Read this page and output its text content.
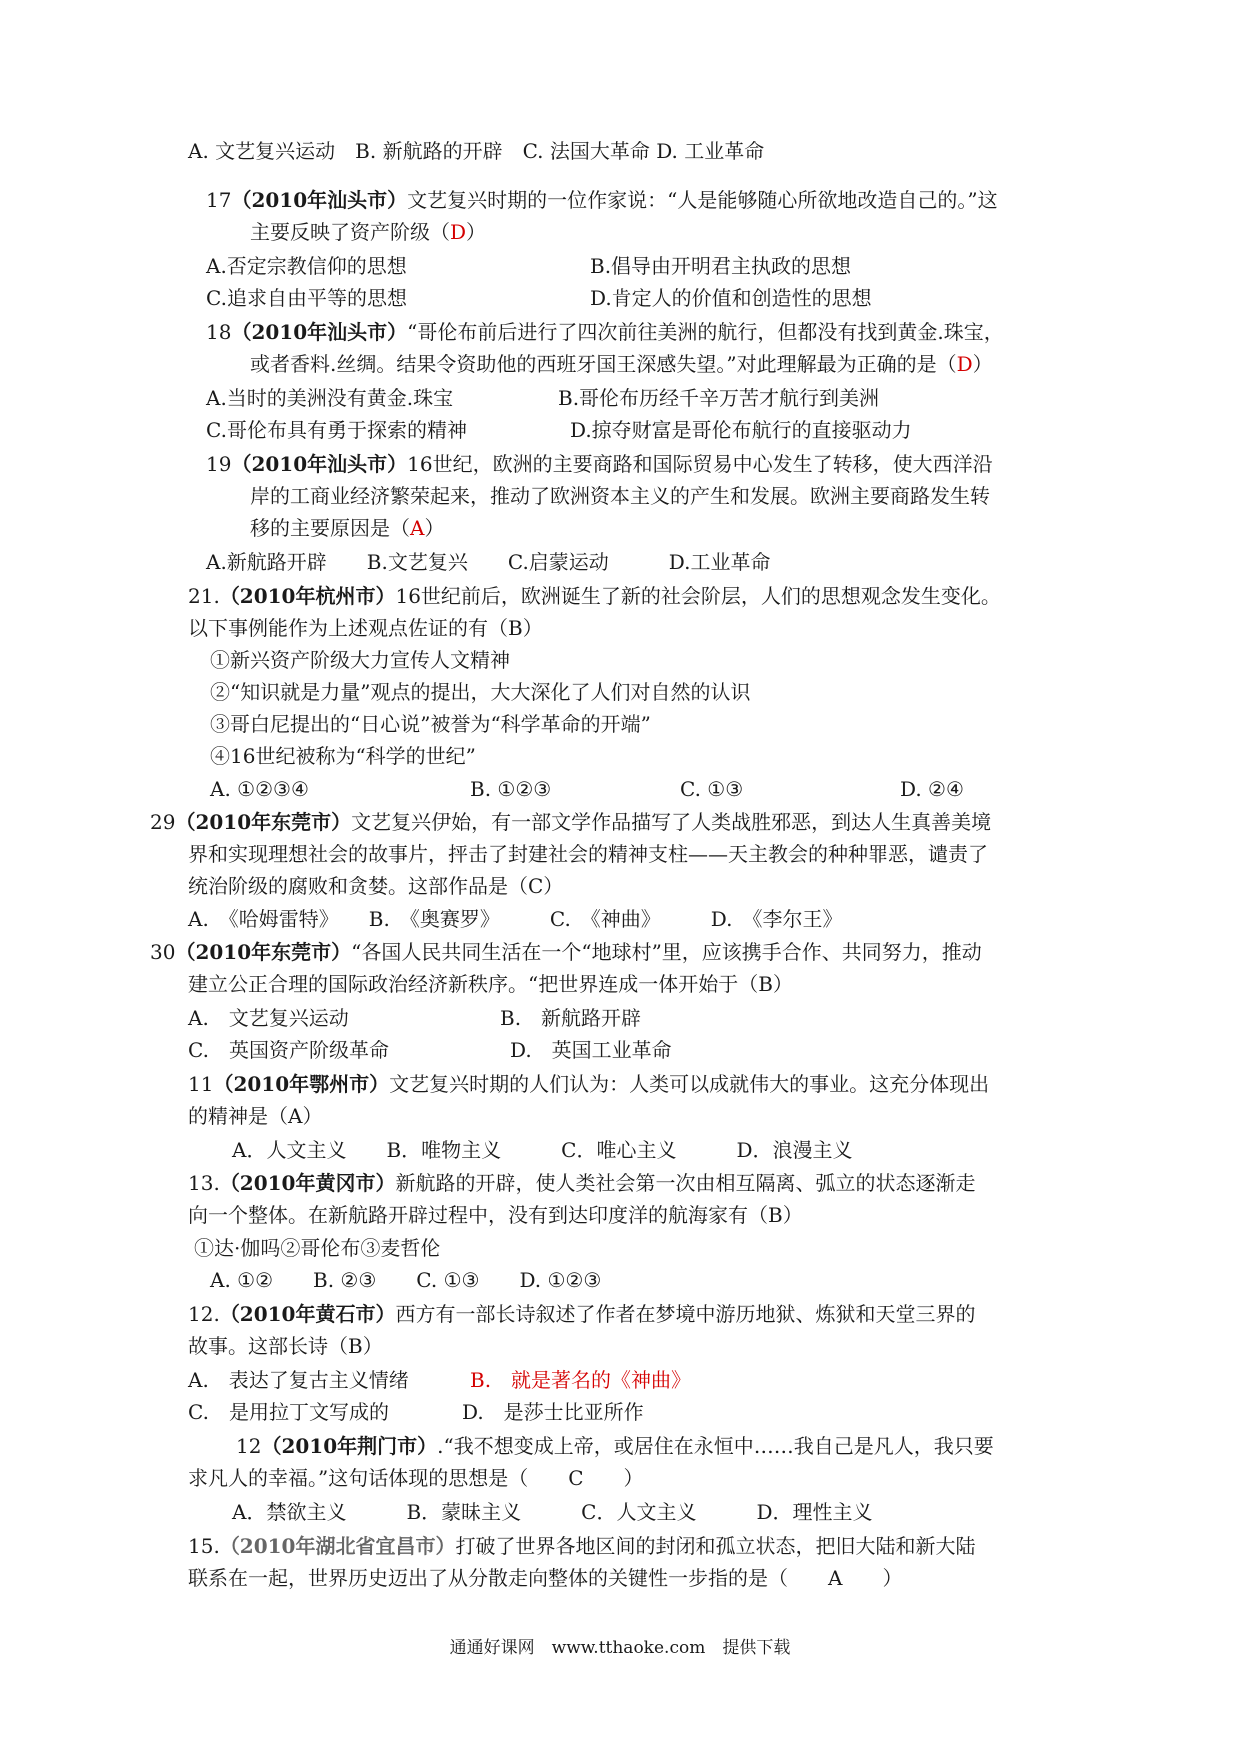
A. 文艺复兴运动　B. 新航路的开辟　C. 法国大革命 D. 工业革命
17（2010年汕头市）文艺复兴时期的一位作家说：“人是能够随心所欲地改造自己的。”这
主要反映了资产阶级（D）
A.否定宗教信仰的思想	B.倡导由开明君主执政的思想
C.追求自由平等的思想	D.肯定人的价值和创造性的思想
18（2010年汕头市）“哥伦布前后进行了四次前往美洲的航行，但都没有找到黄金.珠宝，
或者香料.丝绸。结果令资助他的西班牙国王深感失望。”对此理解最为正确的是（D）
A.当时的美洲没有黄金.珠宝	B.哥伦布历经千辛万苦才航行到美洲
C.哥伦布具有勇于探索的精神	D.掠夺财富是哥伦布航行的直接驱动力
19（2010年汕头市）16世纪，欧洲的主要商路和国际贸易中心发生了转移，使大西洋沿
岸的工商业经济繁荣起来，推动了欧洲资本主义的产生和发展。欧洲主要商路发生转
移的主要原因是（A）
A.新航路开辟　　B.文艺复兴　　C.启蒙运动　　　D.工业革命
21.（2010年杭州市）16世纪前后，欧洲诞生了新的社会阶层，人们的思想观念发生变化。
以下事例能作为上述观点佐证的有（B）
①新兴资产阶级大力宣传人文精神
②“知识就是力量”观点的提出，大大深化了人们对自然的认识
③哥白尼提出的“日心说”被誉为“科学革命的开端”
④16世纪被称为“科学的世纪”
A. ①②③④	B. ①②③	C. ①③	D. ②④
29（2010年东莞市）文艺复兴伊始，有一部文学作品描写了人类战胜邪恶，到达人生真善美境
界和实现理想社会的故事片，抨击了封建社会的精神支柱——天主教会的种种罪恶，谴责了
统治阶级的腐败和贪婪。这部作品是（C）
A.　《哈姆雷特》　　B.　《奥赛罗》　　　C.　《神曲》　　　D.　《李尔王》
30（2010年东莞市）“各国人民共同生活在一个“地球村”里，应该携手合作、共同努力，推动
建立公正合理的国际政治经济新秩序。“把世界连成一体开始于（B）
A.　文艺复兴运动	B.　新航路开辟
C.　英国资产阶级革命	D.　英国工业革命
11（2010年鄂州市）文艺复兴时期的人们认为：人类可以成就伟大的事业。这充分体现出
的精神是（A）
A．人文主义　　B．唯物主义　　　C．唯心主义　　　D．浪漫主义
13.（2010年黄冈市）新航路的开辟，使人类社会第一次由相互隔离、弧立的状态逐渐走
向一个整体。在新航路开辟过程中，没有到达印度洋的航海家有（B）
①达·伽吗②哥伦布③麦哲伦
A. ①②　　B. ②③　　C. ①③　　D. ①②③
12.（2010年黄石市）西方有一部长诗叙述了作者在梦境中游历地狱、炼狱和天堂三界的
故事。这部长诗（B）
A.　表达了复古主义情绪	B.　就是著名的《神曲》
C.　是用拉丁文写成的	D.　是莎士比亚所作
12（2010年荆门市）.“我不想变成上帝，或居住在永恒中……我自己是凡人，我只要
求凡人的幸福。”这句话体现的思想是（　　C　　）
A．禁欲主义　　　B．蒙昧主义　　　C．人文主义　　　D．理性主义
15.（2010年湖北省宜昌市）打破了世界各地区间的封闭和孤立状态，把旧大陆和新大陆
联系在一起，世界历史迈出了从分散走向整体的关键性一步指的是（　　A　　）
通通好课网　www.tthaoke.com　提供下载
